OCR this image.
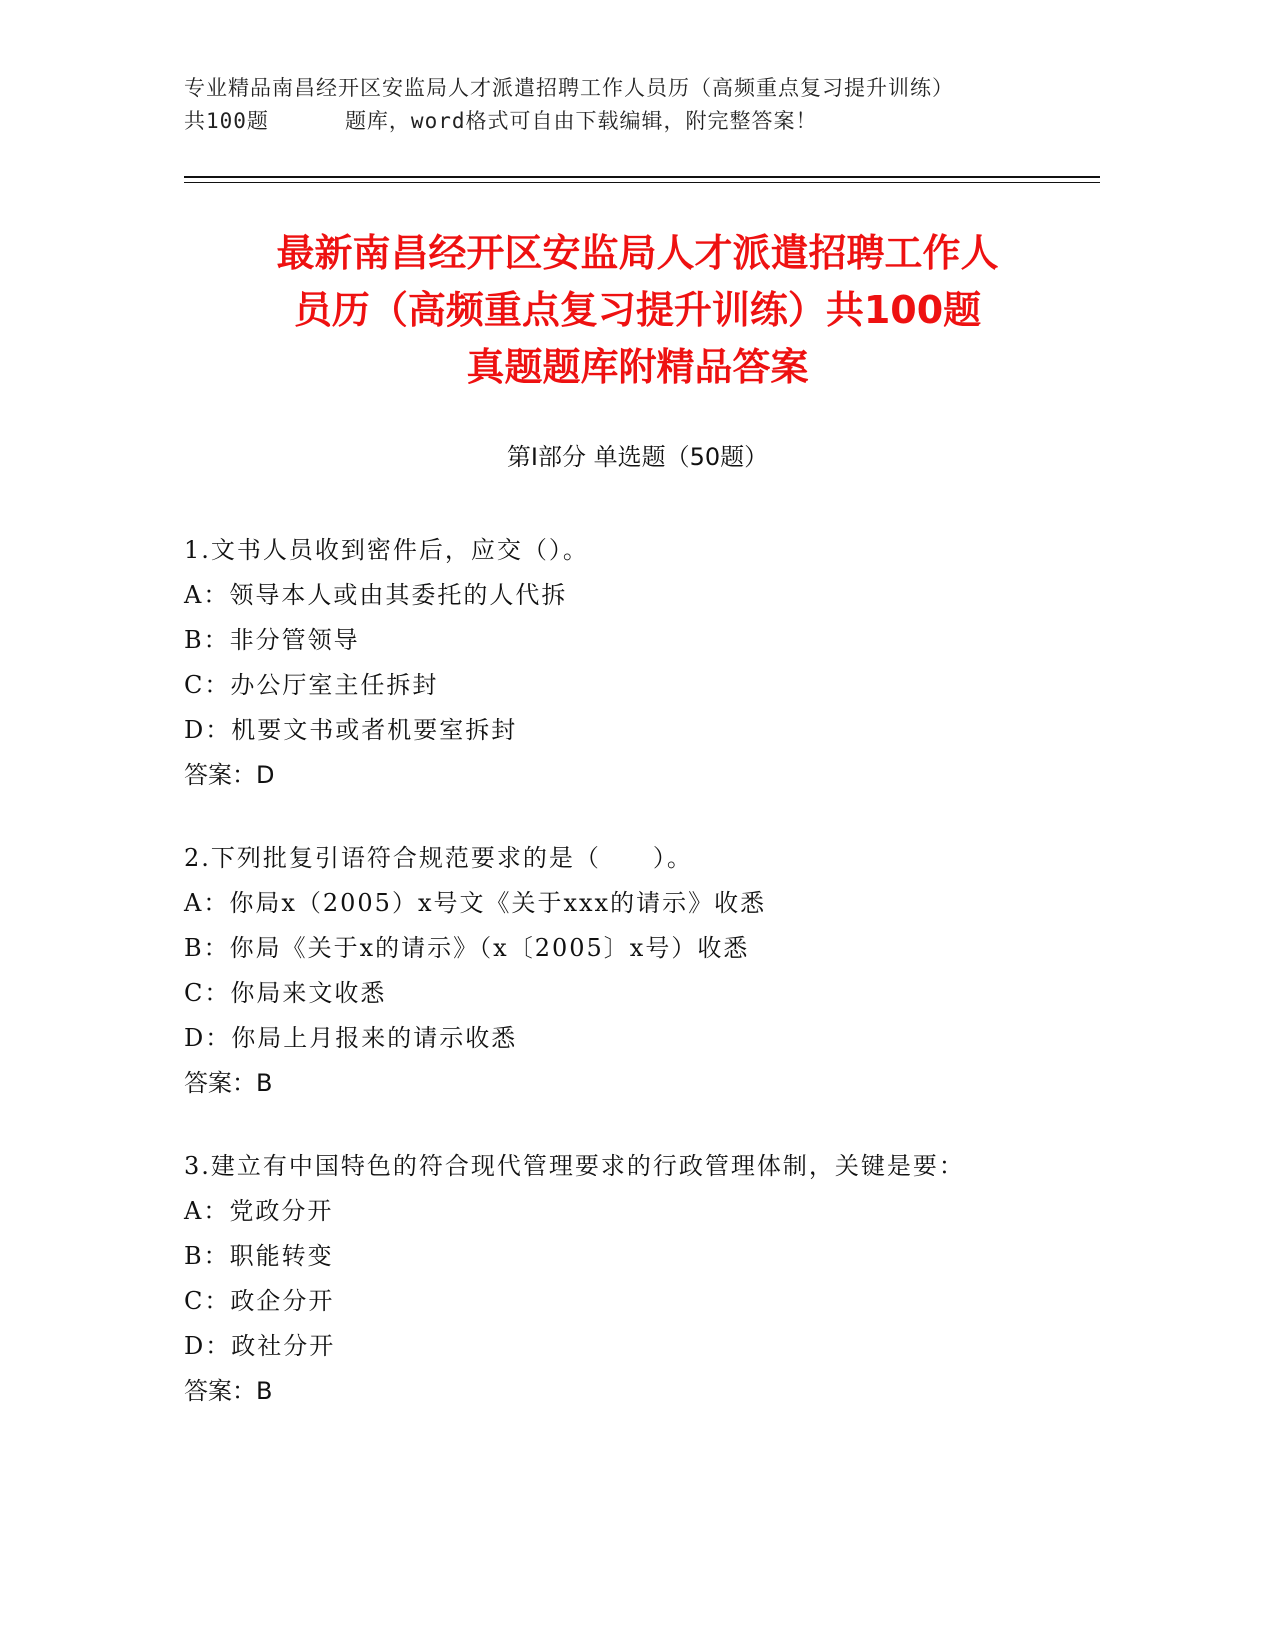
专业精品南昌经开区安监局人才派遣招聘工作人员历（高频重点复习提升训练）
共100题	题库，word格式可自由下载编辑，附完整答案！
最新南昌经开区安监局人才派遣招聘工作人
员历（高频重点复习提升训练）共100题
真题题库附精品答案
第Ⅰ部分 单选题（50题）
1.文书人员收到密件后，应交（）。
A：领导本人或由其委托的人代拆
B：非分管领导
C：办公厅室主任拆封
D：机要文书或者机要室拆封
答案：D
2.下列批复引语符合规范要求的是（　　）。
A：你局x（2005）x号文《关于xxx的请示》收悉
B：你局《关于x的请示》（x〔2005〕x号）收悉
C：你局来文收悉
D：你局上月报来的请示收悉
答案：B
3.建立有中国特色的符合现代管理要求的行政管理体制，关键是要：
A：党政分开
B：职能转变
C：政企分开
D：政社分开
答案：B
